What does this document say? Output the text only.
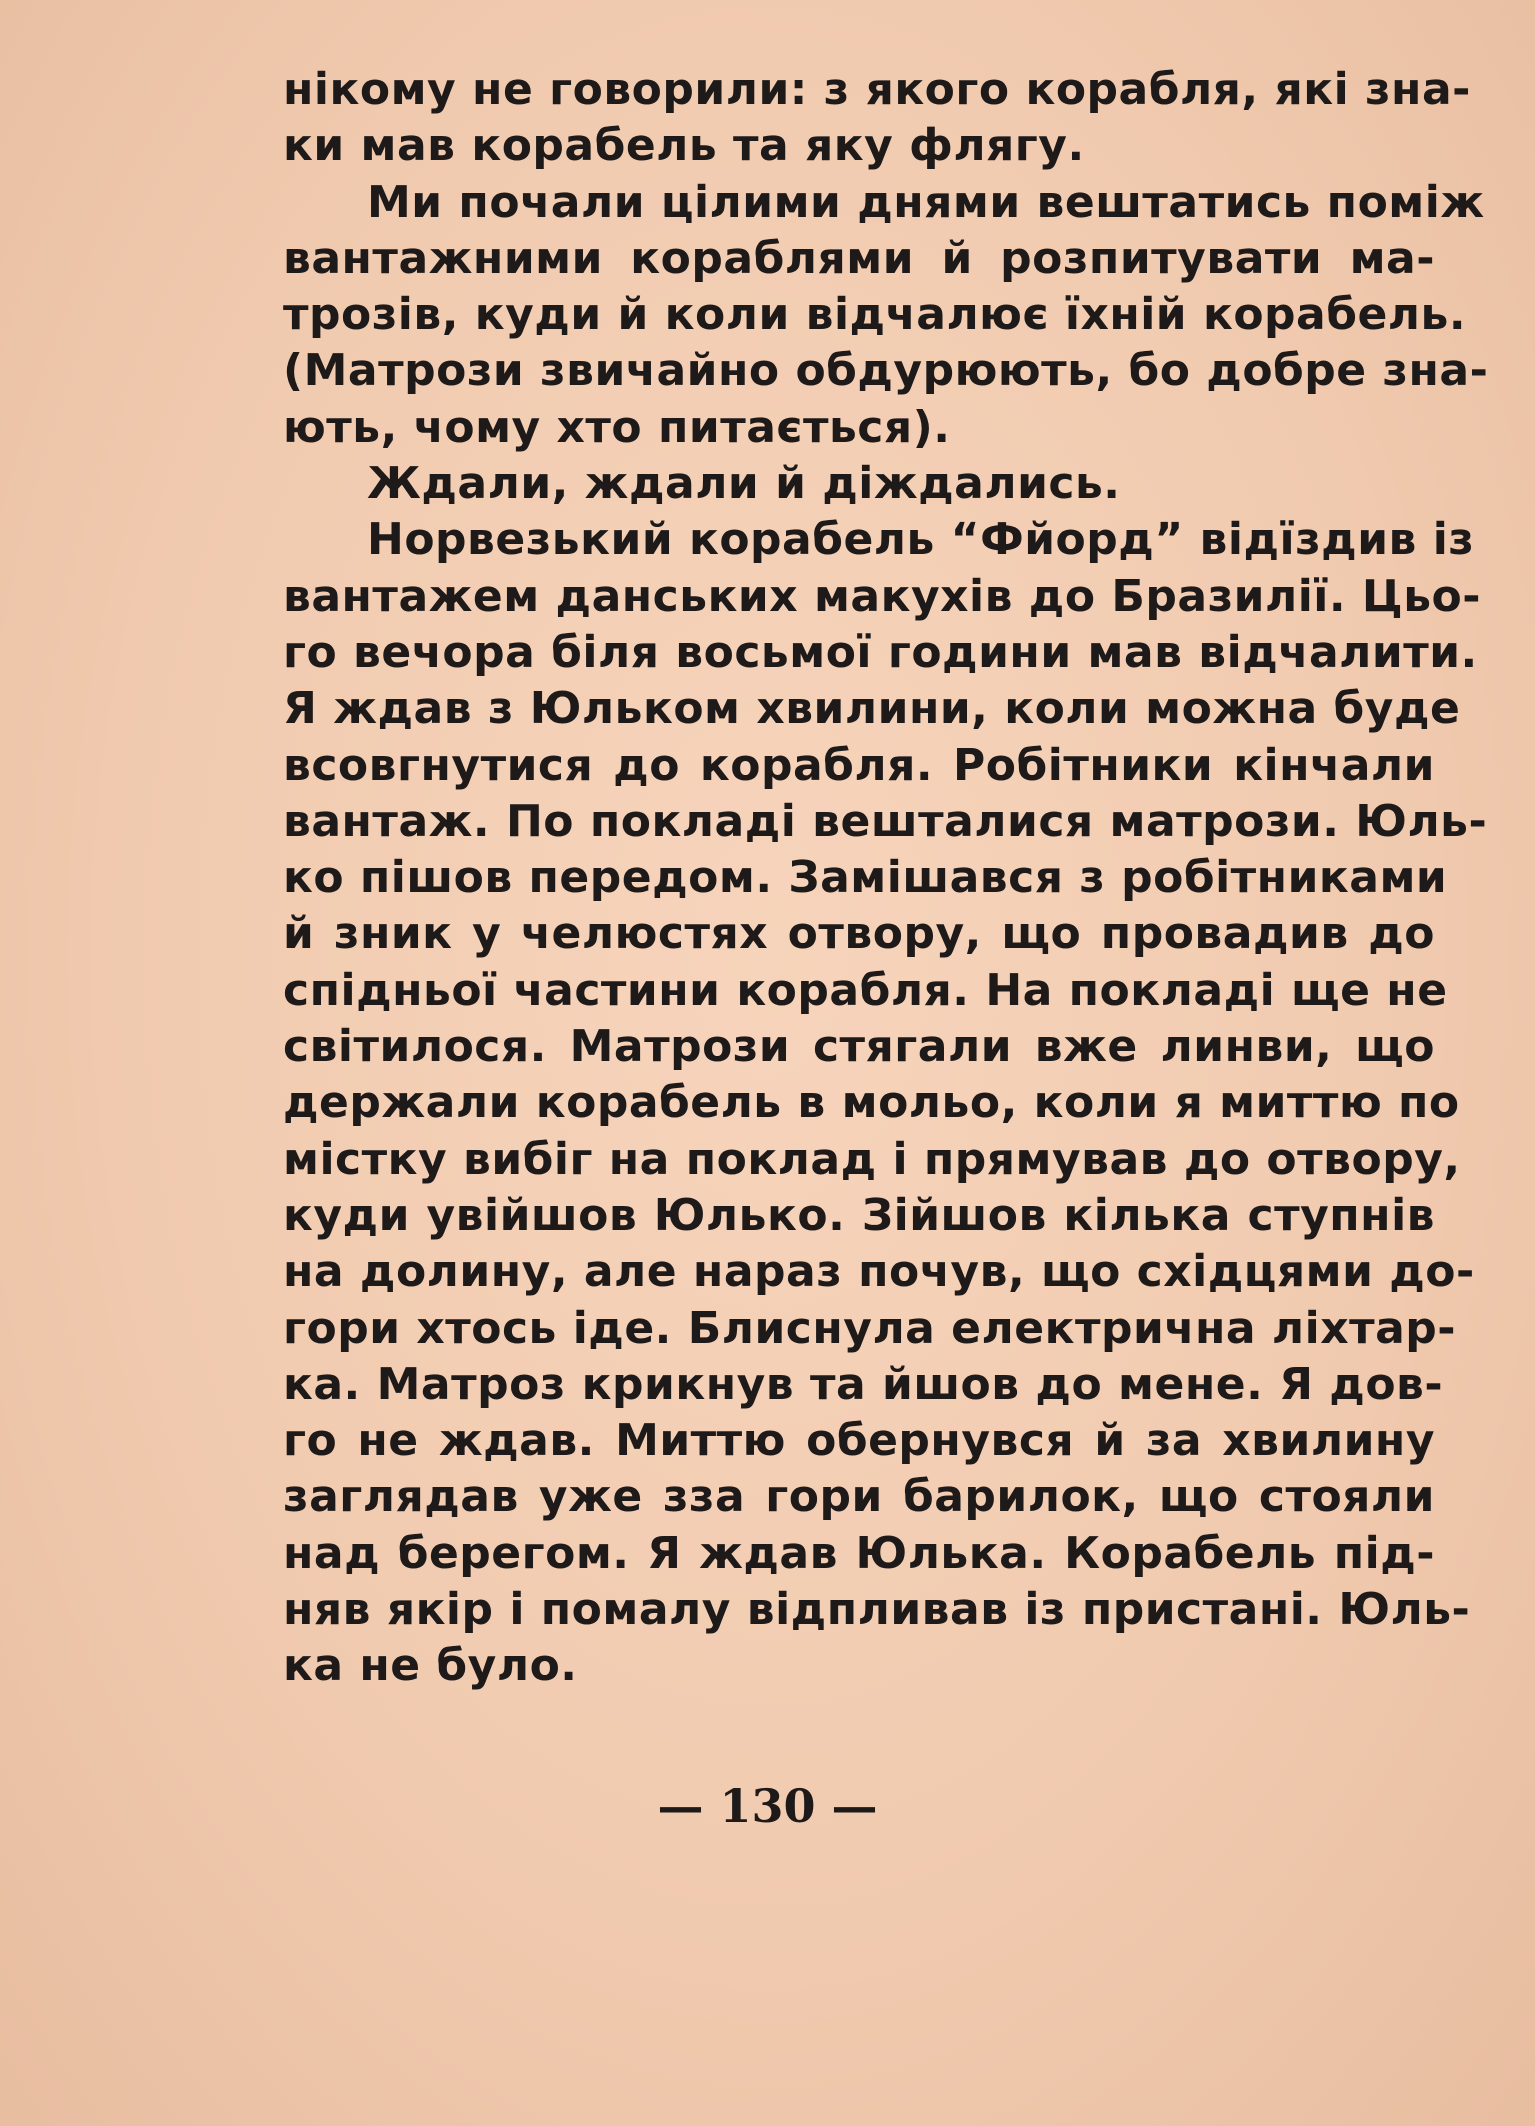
нікому не говорили: з якого корабля, які зна-
ки мав корабель та яку флягу.
Ми почали цілими днями вештатись поміж
вантажними кораблями й розпитувати ма-
трозів, куди й коли відчалює їхній корабель.
(Матрози звичайно обдурюють, бо добре зна-
ють, чому хто питається).
Ждали, ждали й діждались.
Норвезький корабель “Фйорд” відїздив із
вантажем данських макухів до Бразилії. Цьо-
го вечора біля восьмої години мав відчалити.
Я ждав з Юльком хвилини, коли можна буде
всовгнутися до корабля. Робітники кінчали
вантаж. По покладі вешталися матрози. Юль-
ко пішов передом. Замішався з робітниками
й зник у челюстях отвору, що провадив до
спідньої частини корабля. На покладі ще не
світилося. Матрози стягали вже линви, що
держали корабель в мольо, коли я миттю по
містку вибіг на поклад і прямував до отвору,
куди увійшов Юлько. Зійшов кілька ступнів
на долину, але нараз почув, що східцями до-
гори хтось іде. Блиснула електрична ліхтар-
ка. Матроз крикнув та йшов до мене. Я дов-
го не ждав. Миттю обернувся й за хвилину
заглядав уже зза гори барилок, що стояли
над берегом. Я ждав Юлька. Корабель під-
няв якір і помалу відпливав із пристані. Юль-
ка не було.
— 130 —
